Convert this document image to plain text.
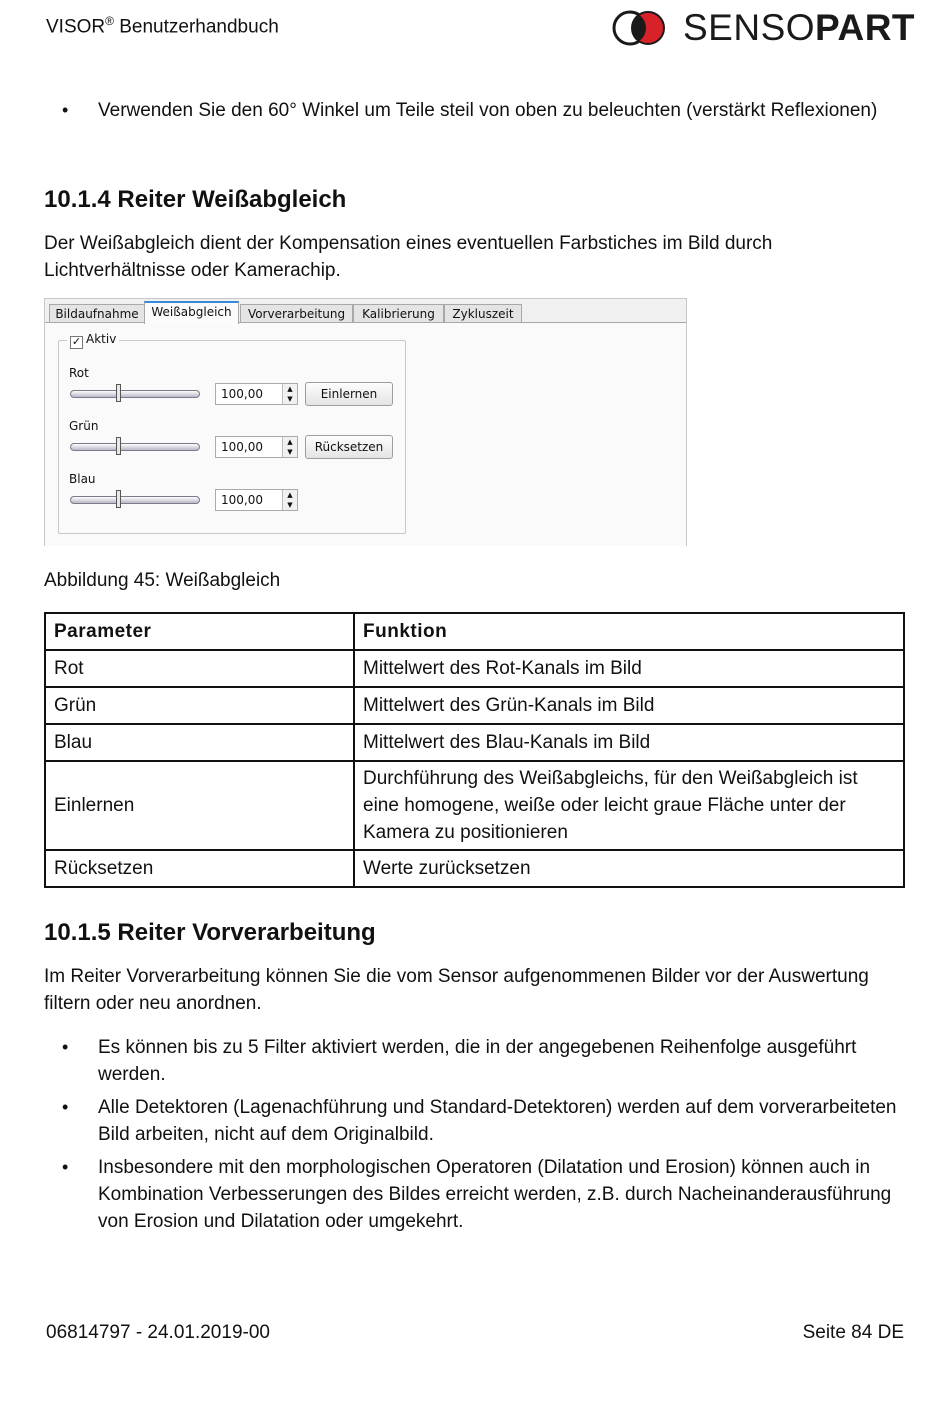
VISOR® Benutzerhandbuch	SENSOPART
• Verwenden Sie den 60° Winkel um Teile steil von oben zu beleuchten (verstärkt Reflexionen)
10.1.4 Reiter Weißabgleich
Der Weißabgleich dient der Kompensation eines eventuellen Farbstiches im Bild durch Lichtverhältnisse oder Kamerachip.
Bildaufnahme	Weißabgleich	Vorverarbeitung	Kalibrierung	Zykluszeit
✓ Aktiv
Rot
100,00	▲
▼	Einlernen
Grün
100,00	▲
▼	Rücksetzen
Blau
100,00	▲
▼
Abbildung 45: Weißabgleich
Parameter	Funktion
Rot	Mittelwert des Rot-Kanals im Bild
Grün	Mittelwert des Grün-Kanals im Bild
Blau	Mittelwert des Blau-Kanals im Bild
Einlernen	Durchführung des Weißabgleichs, für den Weißabgleich ist eine homogene, weiße oder leicht graue Fläche unter der Kamera zu positionieren
Rücksetzen	Werte zurücksetzen
10.1.5 Reiter Vorverarbeitung
Im Reiter Vorverarbeitung können Sie die vom Sensor aufgenommenen Bilder vor der Auswertung filtern oder neu anordnen.
• Es können bis zu 5 Filter aktiviert werden, die in der angegebenen Reihenfolge ausgeführt werden.
• Alle Detektoren (Lagenachführung und Standard-Detektoren) werden auf dem vorverarbeiteten Bild arbeiten, nicht auf dem Originalbild.
• Insbesondere mit den morphologischen Operatoren (Dilatation und Erosion) können auch in Kombination Verbesserungen des Bildes erreicht werden, z.B. durch Nacheinanderausführung von Erosion und Dilatation oder umgekehrt.
06814797 - 24.01.2019-00	Seite 84 DE
